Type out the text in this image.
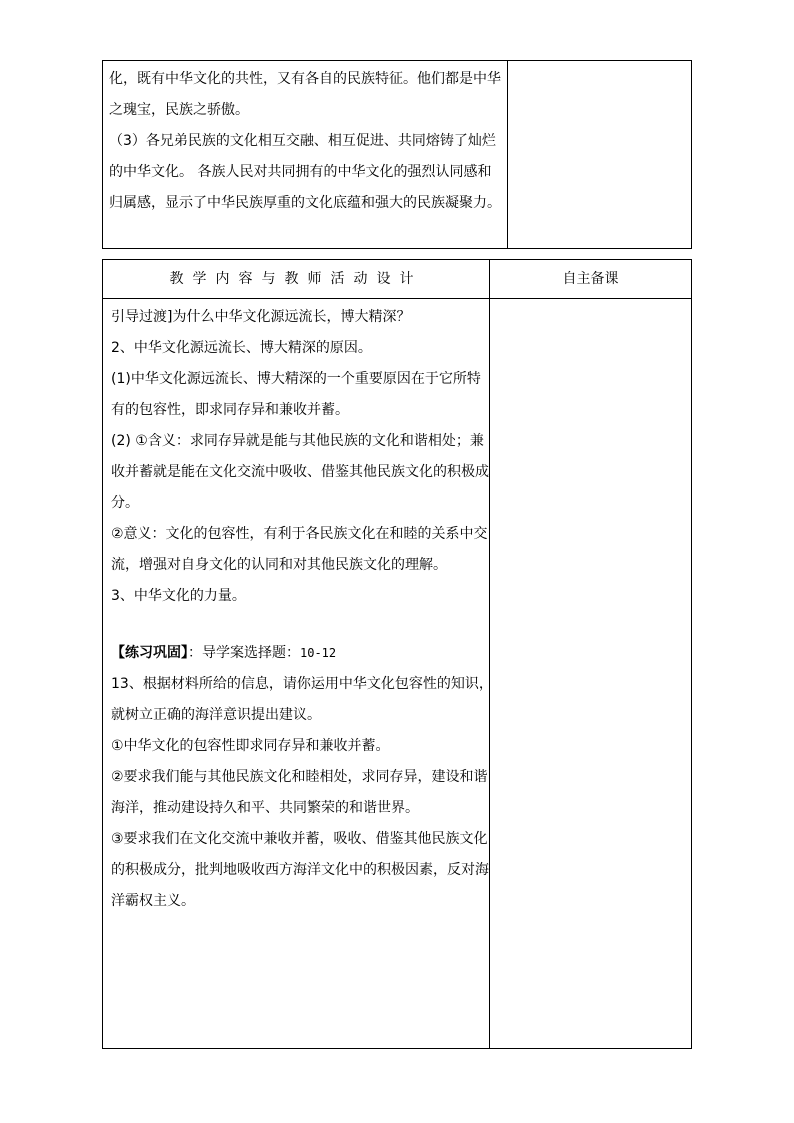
化，既有中华文化的共性，又有各自的民族特征。他们都是中华
之瑰宝，民族之骄傲。
（3）各兄弟民族的文化相互交融、相互促进、共同熔铸了灿烂
的中华文化。 各族人民对共同拥有的中华文化的强烈认同感和
归属感，显示了中华民族厚重的文化底蕴和强大的民族凝聚力。
教学内容与教师活动设计	自主备课
引导过渡]为什么中华文化源远流长，博大精深？
2、中华文化源远流长、博大精深的原因。
(1)中华文化源远流长、博大精深的一个重要原因在于它所特
有的包容性，即求同存异和兼收并蓄。
(2) ①含义：求同存异就是能与其他民族的文化和谐相处；兼
收并蓄就是能在文化交流中吸收、借鉴其他民族文化的积极成
分。
②意义：文化的包容性，有利于各民族文化在和睦的关系中交
流，增强对自身文化的认同和对其他民族文化的理解。
3、中华文化的力量。
【练习巩固】：导学案选择题：10-12
13、根据材料所给的信息，请你运用中华文化包容性的知识，
就树立正确的海洋意识提出建议。
①中华文化的包容性即求同存异和兼收并蓄。
②要求我们能与其他民族文化和睦相处，求同存异，建设和谐
海洋，推动建设持久和平、共同繁荣的和谐世界。
③要求我们在文化交流中兼收并蓄，吸收、借鉴其他民族文化
的积极成分，批判地吸收西方海洋文化中的积极因素，反对海
洋霸权主义。
